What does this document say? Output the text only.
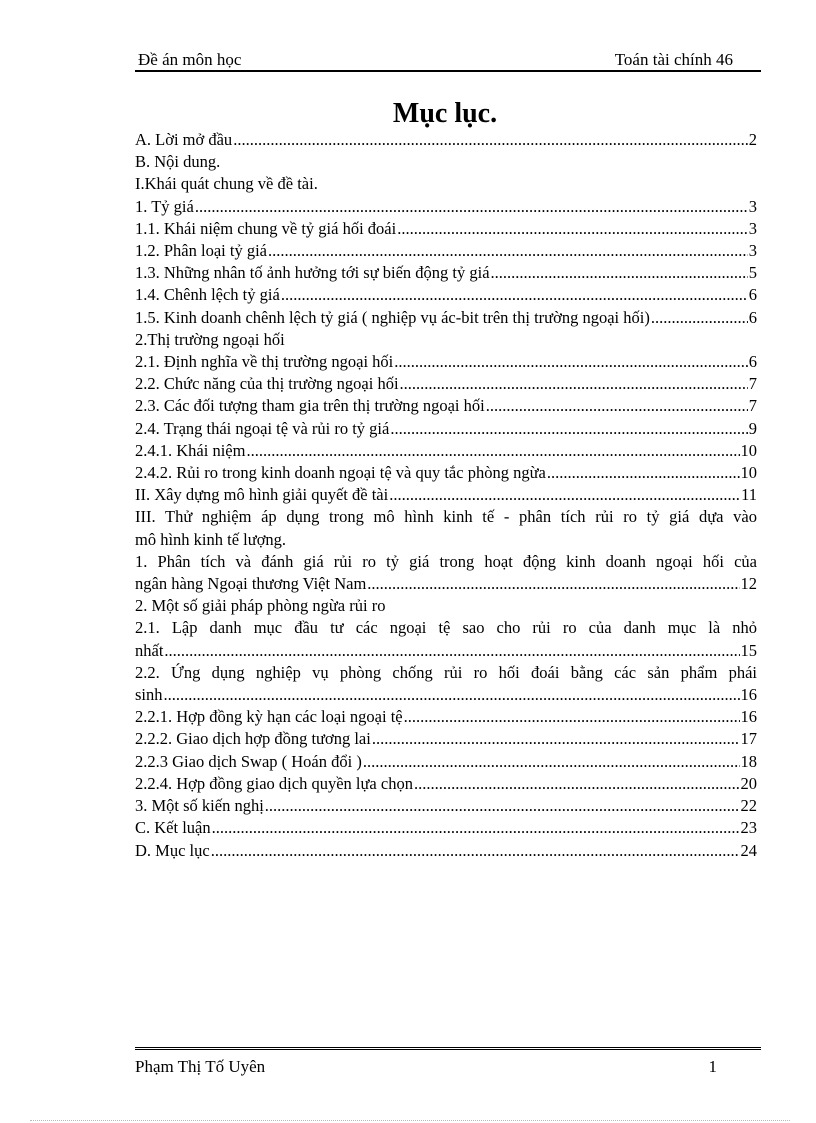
Đề án môn học	Toán tài chính 46
Mục lục.
A. Lời mở đầu .....	2
B. Nội dung.
I.Khái quát chung về đề tài.
1. Tỷ giá .....	3
1.1. Khái niệm chung về tỷ giá hối đoái .....	3
1.2. Phân loại tỷ giá .....	3
1.3. Những nhân tố ảnh hưởng tới sự biến động tỷ giá .....	5
1.4. Chênh lệch tỷ giá .....	6
1.5. Kinh doanh chênh lệch tỷ giá ( nghiệp vụ ác-bit trên thị trường ngoại hối) .....	6
2.Thị trường ngoại hối
2.1. Định nghĩa về thị trường ngoại hối .....	6
2.2. Chức năng của thị trường ngoại hối .....	7
2.3. Các đối tượng tham gia trên thị trường ngoại hối .....	7
2.4. Trạng thái ngoại tệ và rủi ro tỷ giá .....	9
2.4.1. Khái niệm .....	10
2.4.2. Rủi ro trong kinh doanh ngoại tệ và quy tắc phòng ngừa .....	10
II. Xây dựng mô hình giải quyết đề tài .....	11
III. Thử nghiệm áp dụng trong mô hình kinh tế - phân tích rủi ro tỷ giá dựa vào
mô hình kinh tế lượng.
1. Phân tích và đánh giá rủi ro tỷ giá trong hoạt động kinh doanh ngoại hối của
ngân hàng Ngoại thương Việt Nam .....	12
2. Một số giải pháp phòng ngừa rủi ro
2.1. Lập danh mục đầu tư các ngoại tệ sao cho rủi ro của danh mục là nhỏ
nhất .....	15
2.2. Ứng dụng nghiệp vụ phòng chống rủi ro hối đoái bằng các sản phẩm phái
sinh .....	16
2.2.1. Hợp đồng kỳ hạn các loại ngoại tệ .....	16
2.2.2. Giao dịch hợp đồng tương lai .....	17
2.2.3 Giao dịch Swap ( Hoán đổi ) .....	18
2.2.4. Hợp đồng giao dịch quyền lựa chọn .....	20
3. Một số kiến nghị .....	22
C. Kết luận .....	23
D. Mục lục .....	24
Phạm Thị Tố Uyên	1
